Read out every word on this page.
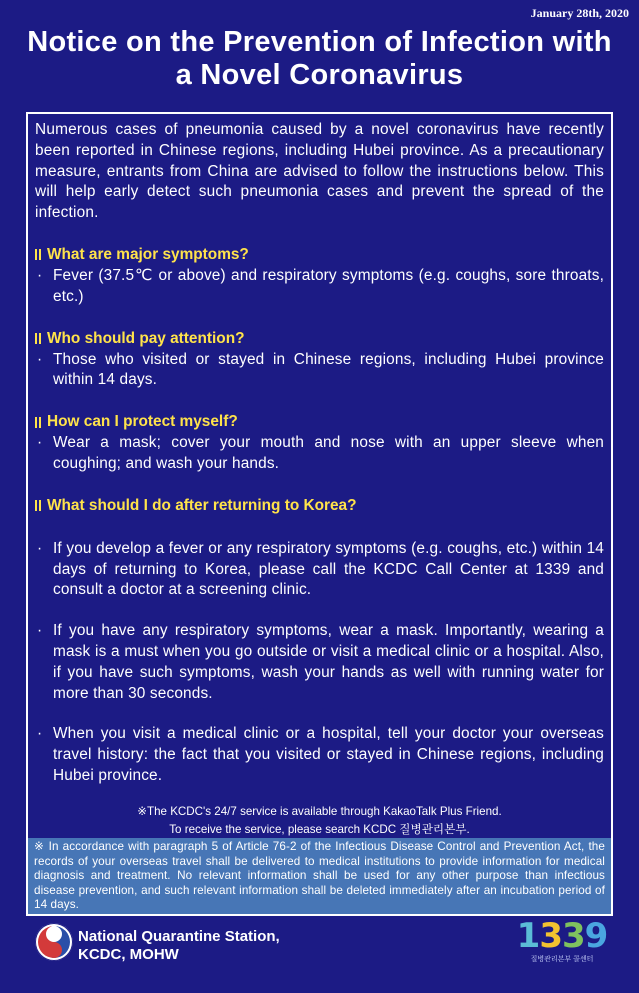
January 28th, 2020
Notice on the Prevention of Infection with
a Novel Coronavirus

Numerous cases of pneumonia caused by a novel coronavirus have recently been reported in Chinese regions, including Hubei province. As a precautionary measure, entrants from China are advised to follow the instructions below. This will help early detect such pneumonia cases and prevent the spread of the infection.

What are major symptoms?
· Fever (37.5℃ or above) and respiratory symptoms (e.g. coughs, sore throats, etc.)
Who should pay attention?
· Those who visited or stayed in Chinese regions, including Hubei province within 14 days.
How can I protect myself?
· Wear a mask; cover your mouth and nose with an upper sleeve when coughing; and wash your hands.
What should I do after returning to Korea?
· If you develop a fever or any respiratory symptoms (e.g. coughs, etc.) within 14 days of returning to Korea, please call the KCDC Call Center at 1339 and consult a doctor at a screening clinic.
· If you have any respiratory symptoms, wear a mask. Importantly, wearing a mask is a must when you go outside or visit a medical clinic or a hospital. Also, if you have such symptoms, wash your hands as well with running water for more than 30 seconds.
· When you visit a medical clinic or a hospital, tell your doctor your overseas travel history: the fact that you visited or stayed in Chinese regions, including Hubei province.
※The KCDC's 24/7 service is available through KakaoTalk Plus Friend.
To receive the service, please search KCDC 질병관리본부.
※ In accordance with paragraph 5 of Article 76-2 of the Infectious Disease Control and Prevention Act, the records of your overseas travel shall be delivered to medical institutions to provide information for medical diagnosis and treatment. No relevant information shall be used for any other purpose than infectious disease prevention, and such relevant information shall be deleted immediately after an incubation period of 14 days.
National Quarantine Station,
KCDC, MOHW	1339
질병관리본부 콜센터
